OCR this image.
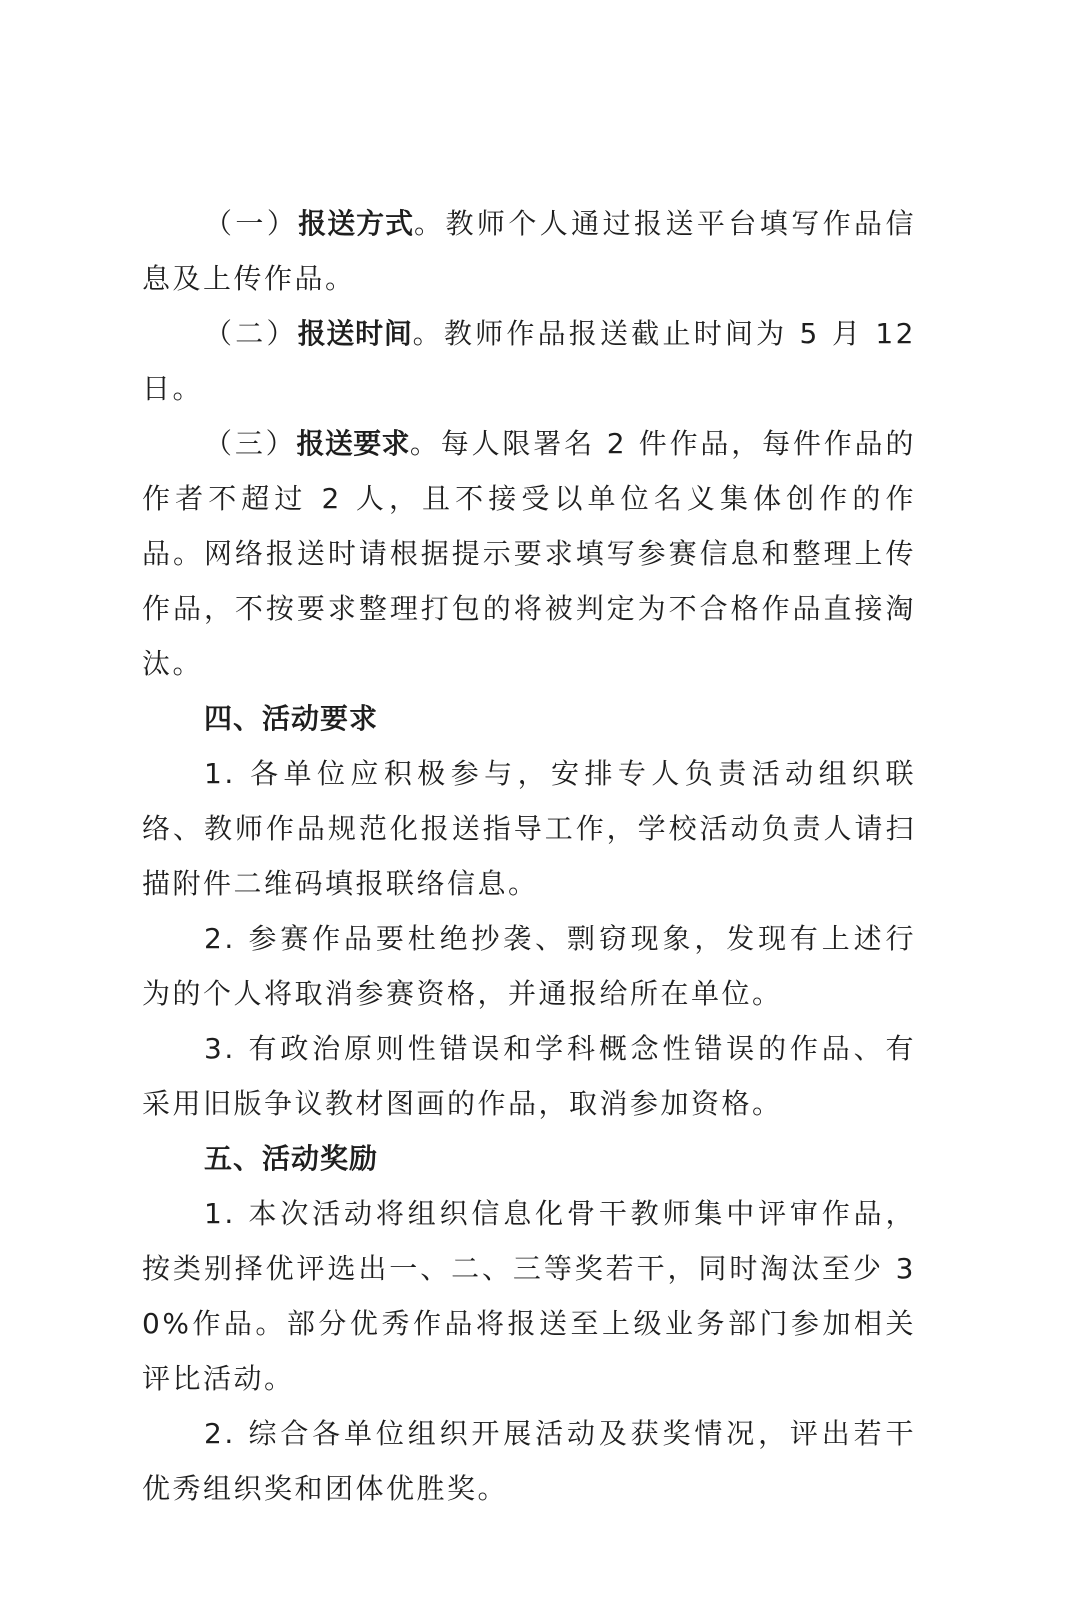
（一）报送方式。教师个人通过报送平台填写作品信息及上传作品。

（二）报送时间。教师作品报送截止时间为 5 月 12 日。

（三）报送要求。每人限署名 2 件作品，每件作品的作者不超过 2 人，且不接受以单位名义集体创作的作品。网络报送时请根据提示要求填写参赛信息和整理上传作品，不按要求整理打包的将被判定为不合格作品直接淘汰。

四、活动要求

1. 各单位应积极参与，安排专人负责活动组织联络、教师作品规范化报送指导工作，学校活动负责人请扫描附件二维码填报联络信息。

2. 参赛作品要杜绝抄袭、剽窃现象，发现有上述行为的个人将取消参赛资格，并通报给所在单位。

3. 有政治原则性错误和学科概念性错误的作品、有采用旧版争议教材图画的作品，取消参加资格。

五、活动奖励

1. 本次活动将组织信息化骨干教师集中评审作品，按类别择优评选出一、二、三等奖若干，同时淘汰至少 30%作品。部分优秀作品将报送至上级业务部门参加相关评比活动。

2. 综合各单位组织开展活动及获奖情况，评出若干优秀组织奖和团体优胜奖。
